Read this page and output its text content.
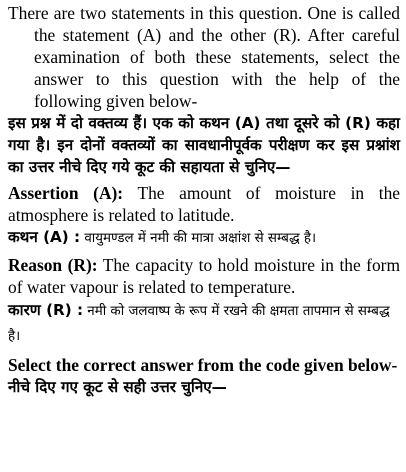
There are two statements in this question. One is called the statement (A) and the other (R). After careful examination of both these statements, select the answer to this question with the help of the following given below-

इस प्रश्न में दो वक्तव्य हैं। एक को कथन (A) तथा दूसरे को (R) कहा गया है। इन दोनों वक्तव्यों का सावधानीपूर्वक परीक्षण कर इस प्रश्नांश का उत्तर नीचे दिए गये कूट की सहायता से चुनिए—

Assertion (A): The amount of moisture in the atmosphere is related to latitude.

कथन (A) : वायुमण्डल में नमी की मात्रा अक्षांश से सम्बद्ध है।

Reason (R): The capacity to hold moisture in the form of water vapour is related to temperature.

कारण (R) : नमी को जलवाष्प के रूप में रखने की क्षमता तापमान से सम्बद्ध है।

Select the correct answer from the code given below-

नीचे दिए गए कूट से सही उत्तर चुनिए—
